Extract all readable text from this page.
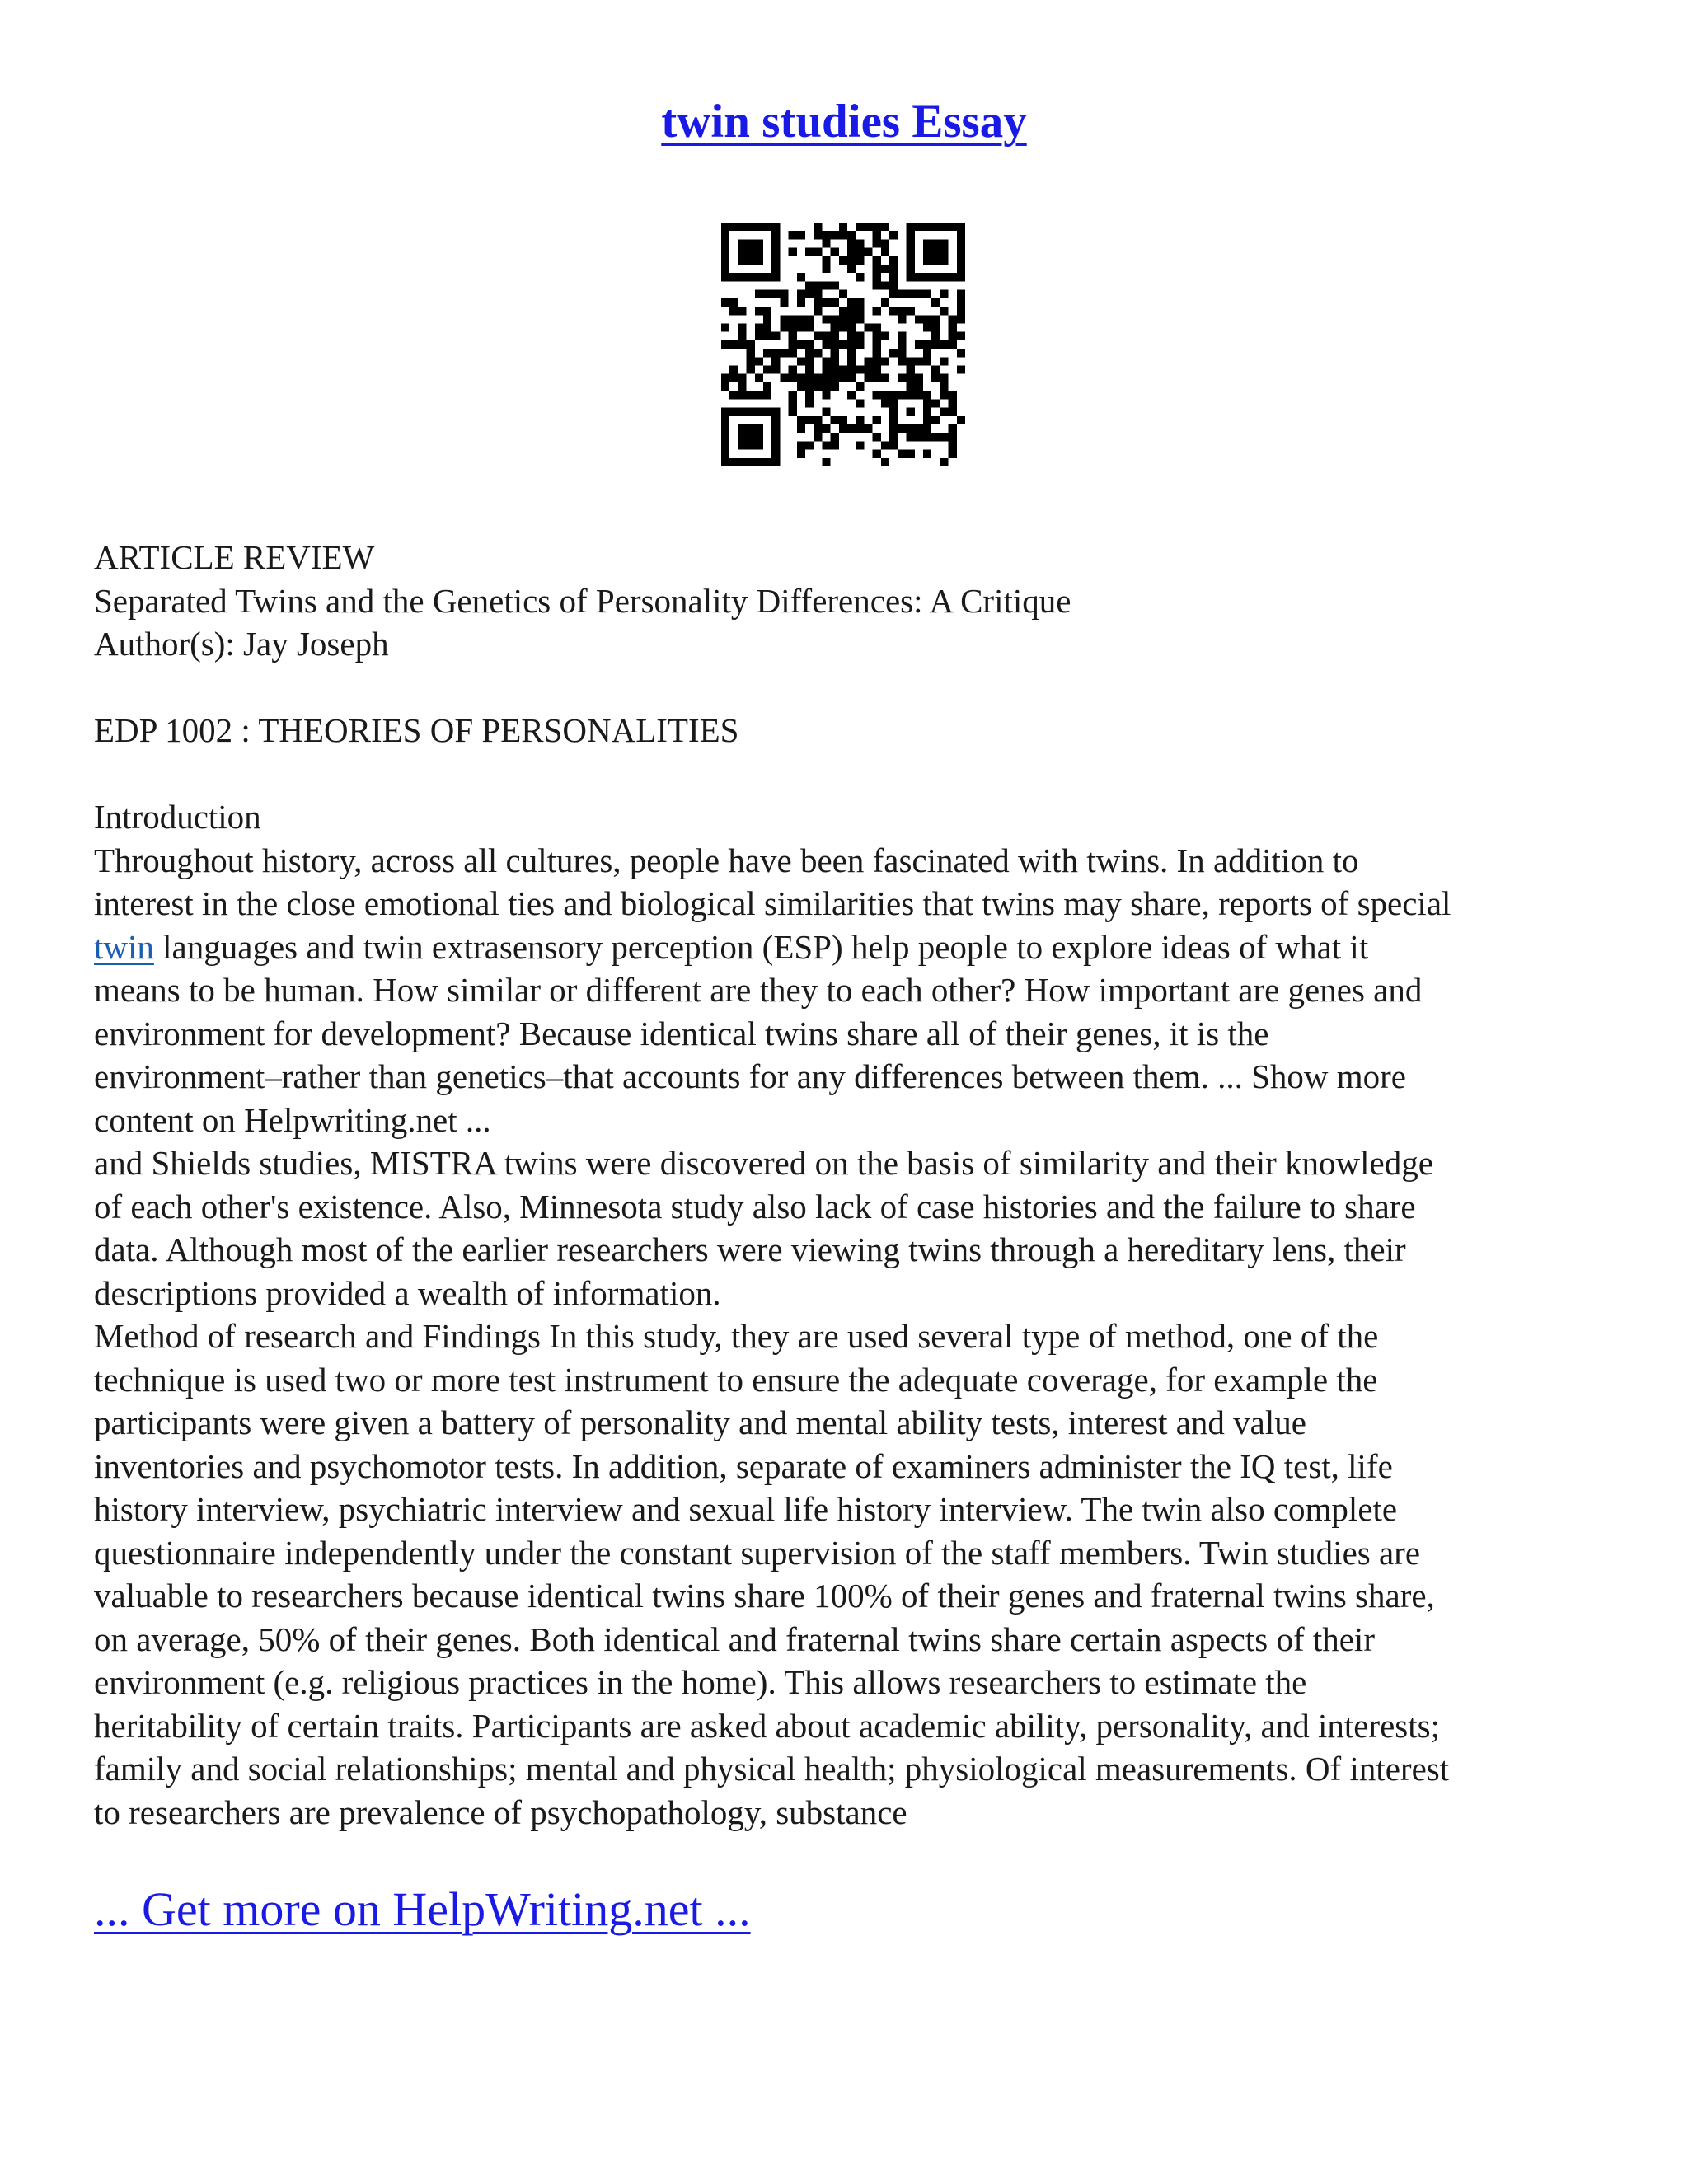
twin studies Essay
ARTICLE REVIEW
Separated Twins and the Genetics of Personality Differences: A Critique
Author(s): Jay Joseph
EDP 1002 : THEORIES OF PERSONALITIES
Introduction
Throughout history, across all cultures, people have been fascinated with twins. In addition to
interest in the close emotional ties and biological similarities that twins may share, reports of special
twin languages and twin extrasensory perception (ESP) help people to explore ideas of what it
means to be human. How similar or different are they to each other? How important are genes and
environment for development? Because identical twins share all of their genes, it is the
environment–rather than genetics–that accounts for any differences between them. ... Show more
content on Helpwriting.net ...
and Shields studies, MISTRA twins were discovered on the basis of similarity and their knowledge
of each other's existence. Also, Minnesota study also lack of case histories and the failure to share
data. Although most of the earlier researchers were viewing twins through a hereditary lens, their
descriptions provided a wealth of information.
Method of research and Findings In this study, they are used several type of method, one of the
technique is used two or more test instrument to ensure the adequate coverage, for example the
participants were given a battery of personality and mental ability tests, interest and value
inventories and psychomotor tests. In addition, separate of examiners administer the IQ test, life
history interview, psychiatric interview and sexual life history interview. The twin also complete
questionnaire independently under the constant supervision of the staff members. Twin studies are
valuable to researchers because identical twins share 100% of their genes and fraternal twins share,
on average, 50% of their genes. Both identical and fraternal twins share certain aspects of their
environment (e.g. religious practices in the home). This allows researchers to estimate the
heritability of certain traits. Participants are asked about academic ability, personality, and interests;
family and social relationships; mental and physical health; physiological measurements. Of interest
to researchers are prevalence of psychopathology, substance
... Get more on HelpWriting.net ...
